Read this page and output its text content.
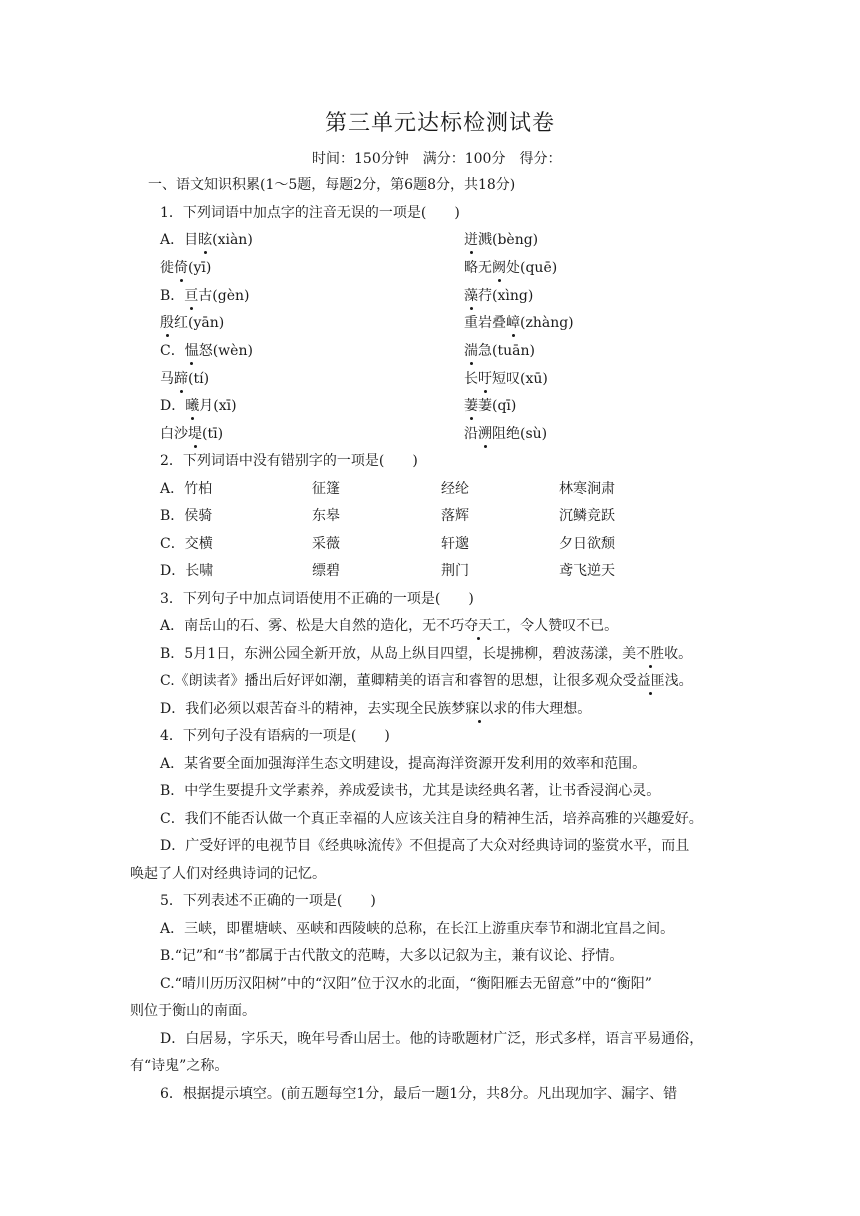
第三单元达标检测试卷
时间：150分钟　满分：100分　得分：
一、语文知识积累(1～5题，每题2分，第6题8分，共18分)
1．下列词语中加点字的注音无误的一项是(　　)
A．目眩(xiàn)	迸溅(bèng)
徙倚(yī)	略无阙处(quē)
B．亘古(gèn)	藻荇(xìng)
殷红(yān)	重岩叠嶂(zhàng)
C．愠怒(wèn)	湍急(tuān)
马蹄(tí)	长吁短叹(xū)
D．曦月(xī)	萋萋(qī)
白沙堤(tī)	沿溯阻绝(sù)
2．下列词语中没有错别字的一项是(　　)
A．竹柏	征篷	经纶	林寒涧肃
B．侯骑	东皋	落辉	沉鳞竞跃
C．交横	采薇	轩邈	夕日欲颓
D．长啸	缥碧	荆门	鸢飞逆天
3．下列句子中加点词语使用不正确的一项是(　　)
A．南岳山的石、雾、松是大自然的造化，无不巧夺天工，令人赞叹不已。
B．5月1日，东洲公园全新开放，从岛上纵目四望，长堤拂柳，碧波荡漾，美不胜收。
C.《朗读者》播出后好评如潮，董卿精美的语言和睿智的思想，让很多观众受益匪浅。
D．我们必须以艰苦奋斗的精神，去实现全民族梦寐以求的伟大理想。
4．下列句子没有语病的一项是(　　)
A．某省要全面加强海洋生态文明建设，提高海洋资源开发利用的效率和范围。
B．中学生要提升文学素养，养成爱读书，尤其是读经典名著，让书香浸润心灵。
C．我们不能否认做一个真正幸福的人应该关注自身的精神生活，培养高雅的兴趣爱好。
D．广受好评的电视节目《经典咏流传》不但提高了大众对经典诗词的鉴赏水平，而且
唤起了人们对经典诗词的记忆。
5．下列表述不正确的一项是(　　)
A．三峡，即瞿塘峡、巫峡和西陵峡的总称，在长江上游重庆奉节和湖北宜昌之间。
B.“记”和“书”都属于古代散文的范畴，大多以记叙为主，兼有议论、抒情。
C.“晴川历历汉阳树”中的“汉阳”位于汉水的北面，“衡阳雁去无留意”中的“衡阳”
则位于衡山的南面。
D．白居易，字乐天，晚年号香山居士。他的诗歌题材广泛，形式多样，语言平易通俗，
有“诗鬼”之称。
6．根据提示填空。(前五题每空1分，最后一题1分，共8分。凡出现加字、漏字、错
